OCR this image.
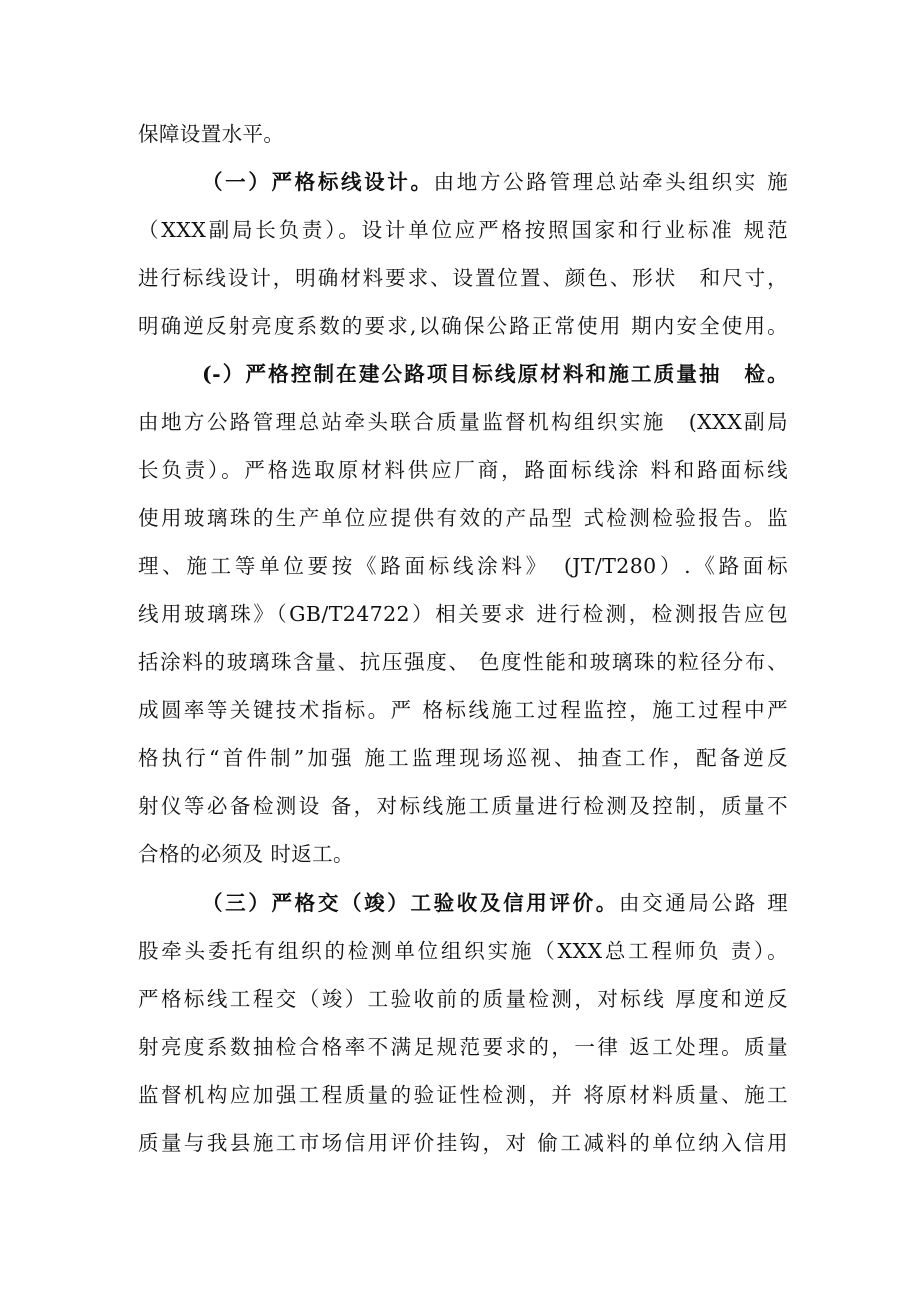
保障设置水平。
（一）严格标线设计。由地方公路管理总站牵头组织实 施
（XXX副局长负责）。设计单位应严格按照国家和行业标准 规范
进行标线设计，明确材料要求、设置位置、颜色、形状　和尺寸，
明确逆反射亮度系数的要求,以确保公路正常使用 期内安全使用。
(-）严格控制在建公路项目标线原材料和施工质量抽　检。
由地方公路管理总站牵头联合质量监督机构组织实施　(XXX副局
长负责）。严格选取原材料供应厂商，路面标线涂 料和路面标线
使用玻璃珠的生产单位应提供有效的产品型 式检测检验报告。监
理、施工等单位要按《路面标线涂料》　(JT/T280）.《路面标
线用玻璃珠》（GB/T24722）相关要求 进行检测，检测报告应包
括涂料的玻璃珠含量、抗压强度、 色度性能和玻璃珠的粒径分布、
成圆率等关键技术指标。严 格标线施工过程监控，施工过程中严
格执行“首件制”加强 施工监理现场巡视、抽查工作，配备逆反
射仪等必备检测设 备，对标线施工质量进行检测及控制，质量不
合格的必须及 时返工。
（三）严格交（竣）工验收及信用评价。由交通局公路 理
股牵头委托有组织的检测单位组织实施（XXX总工程师负 责）。
严格标线工程交（竣）工验收前的质量检测，对标线 厚度和逆反
射亮度系数抽检合格率不满足规范要求的，一律 返工处理。质量
监督机构应加强工程质量的验证性检测，并 将原材料质量、施工
质量与我县施工市场信用评价挂钩，对 偷工减料的单位纳入信用
